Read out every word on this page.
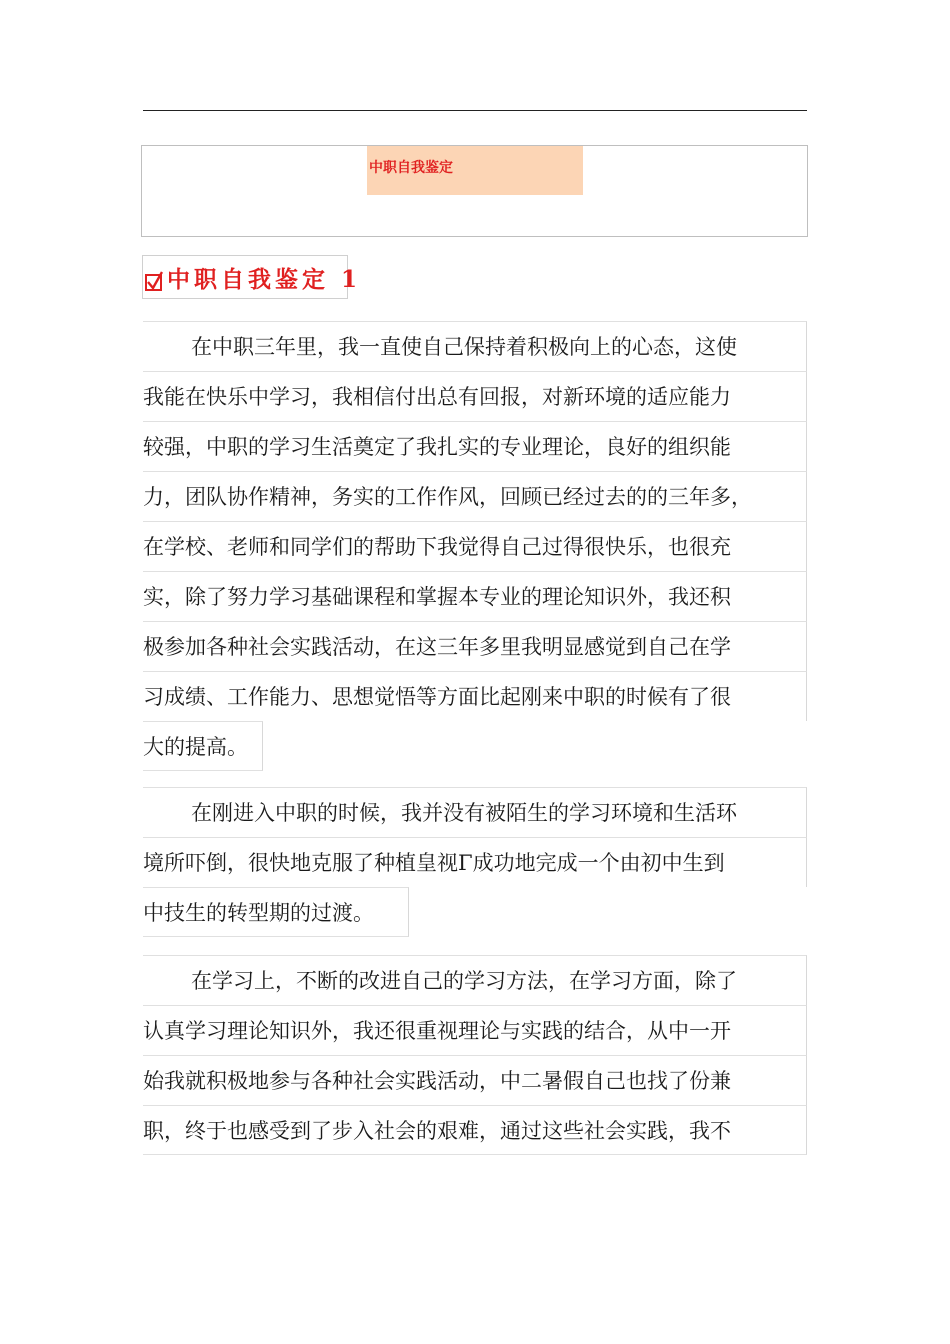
中职自我鉴定
中职自我鉴定 1
在中职三年里，我一直使自己保持着积极向上的心态，这使
我能在快乐中学习，我相信付出总有回报，对新环境的适应能力
较强，中职的学习生活奠定了我扎实的专业理论，良好的组织能
力，团队协作精神，务实的工作作风，回顾已经过去的的三年多，
在学校、老师和同学们的帮助下我觉得自己过得很快乐，也很充
实，除了努力学习基础课程和掌握本专业的理论知识外，我还积
极参加各种社会实践活动，在这三年多里我明显感觉到自己在学
习成绩、工作能力、思想觉悟等方面比起刚来中职的时候有了很
大的提高。
在刚进入中职的时候，我并没有被陌生的学习环境和生活环
境所吓倒，很快地克服了种植皇视Γ成功地完成一个由初中生到
中技生的转型期的过渡。
在学习上，不断的改进自己的学习方法，在学习方面，除了
认真学习理论知识外，我还很重视理论与实践的结合，从中一开
始我就积极地参与各种社会实践活动，中二暑假自己也找了份兼
职，终于也感受到了步入社会的艰难，通过这些社会实践，我不
